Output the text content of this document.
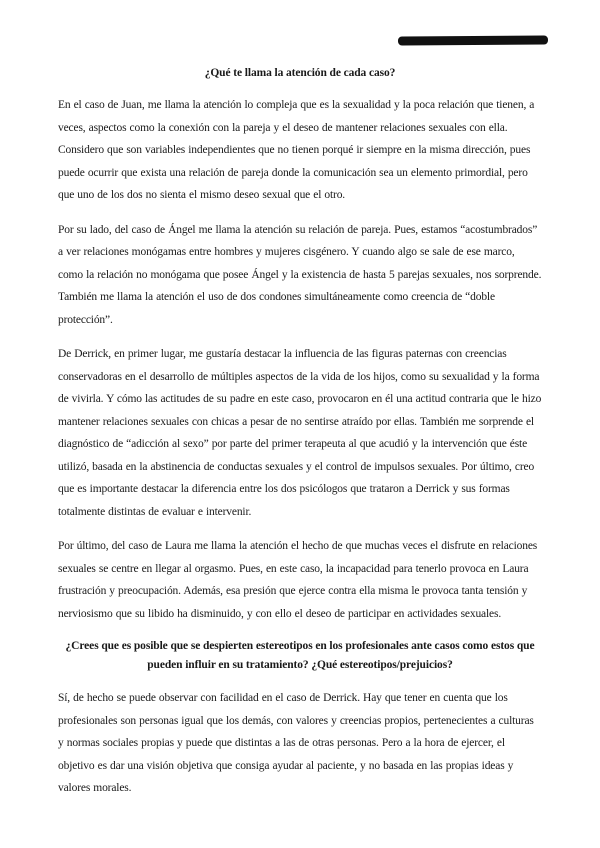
¿Qué te llama la atención de cada caso?

En el caso de Juan, me llama la atención lo compleja que es la sexualidad y la poca relación que tienen, a veces, aspectos como la conexión con la pareja y el deseo de mantener relaciones sexuales con ella. Considero que son variables independientes que no tienen porqué ir siempre en la misma dirección, pues puede ocurrir que exista una relación de pareja donde la comunicación sea un elemento primordial, pero que uno de los dos no sienta el mismo deseo sexual que el otro.

Por su lado, del caso de Ángel me llama la atención su relación de pareja. Pues, estamos “acostumbrados” a ver relaciones monógamas entre hombres y mujeres cisgénero. Y cuando algo se sale de ese marco, como la relación no monógama que posee Ángel y la existencia de hasta 5 parejas sexuales, nos sorprende. También me llama la atención el uso de dos condones simultáneamente como creencia de “doble protección”.

De Derrick, en primer lugar, me gustaría destacar la influencia de las figuras paternas con creencias conservadoras en el desarrollo de múltiples aspectos de la vida de los hijos, como su sexualidad y la forma de vivirla. Y cómo las actitudes de su padre en este caso, provocaron en él una actitud contraria que le hizo mantener relaciones sexuales con chicas a pesar de no sentirse atraído por ellas. También me sorprende el diagnóstico de “adicción al sexo” por parte del primer terapeuta al que acudió y la intervención que éste utilizó, basada en la abstinencia de conductas sexuales y el control de impulsos sexuales. Por último, creo que es importante destacar la diferencia entre los dos psicólogos que trataron a Derrick y sus formas totalmente distintas de evaluar e intervenir.

Por último, del caso de Laura me llama la atención el hecho de que muchas veces el disfrute en relaciones sexuales se centre en llegar al orgasmo. Pues, en este caso, la incapacidad para tenerlo provoca en Laura frustración y preocupación. Además, esa presión que ejerce contra ella misma le provoca tanta tensión y nerviosismo que su libido ha disminuido, y con ello el deseo de participar en actividades sexuales.

¿Crees que es posible que se despierten estereotipos en los profesionales ante casos como estos que pueden influir en su tratamiento? ¿Qué estereotipos/prejuicios?

Sí, de hecho se puede observar con facilidad en el caso de Derrick. Hay que tener en cuenta que los profesionales son personas igual que los demás, con valores y creencias propios, pertenecientes a culturas y normas sociales propias y puede que distintas a las de otras personas. Pero a la hora de ejercer, el objetivo es dar una visión objetiva que consiga ayudar al paciente, y no basada en las propias ideas y valores morales.
